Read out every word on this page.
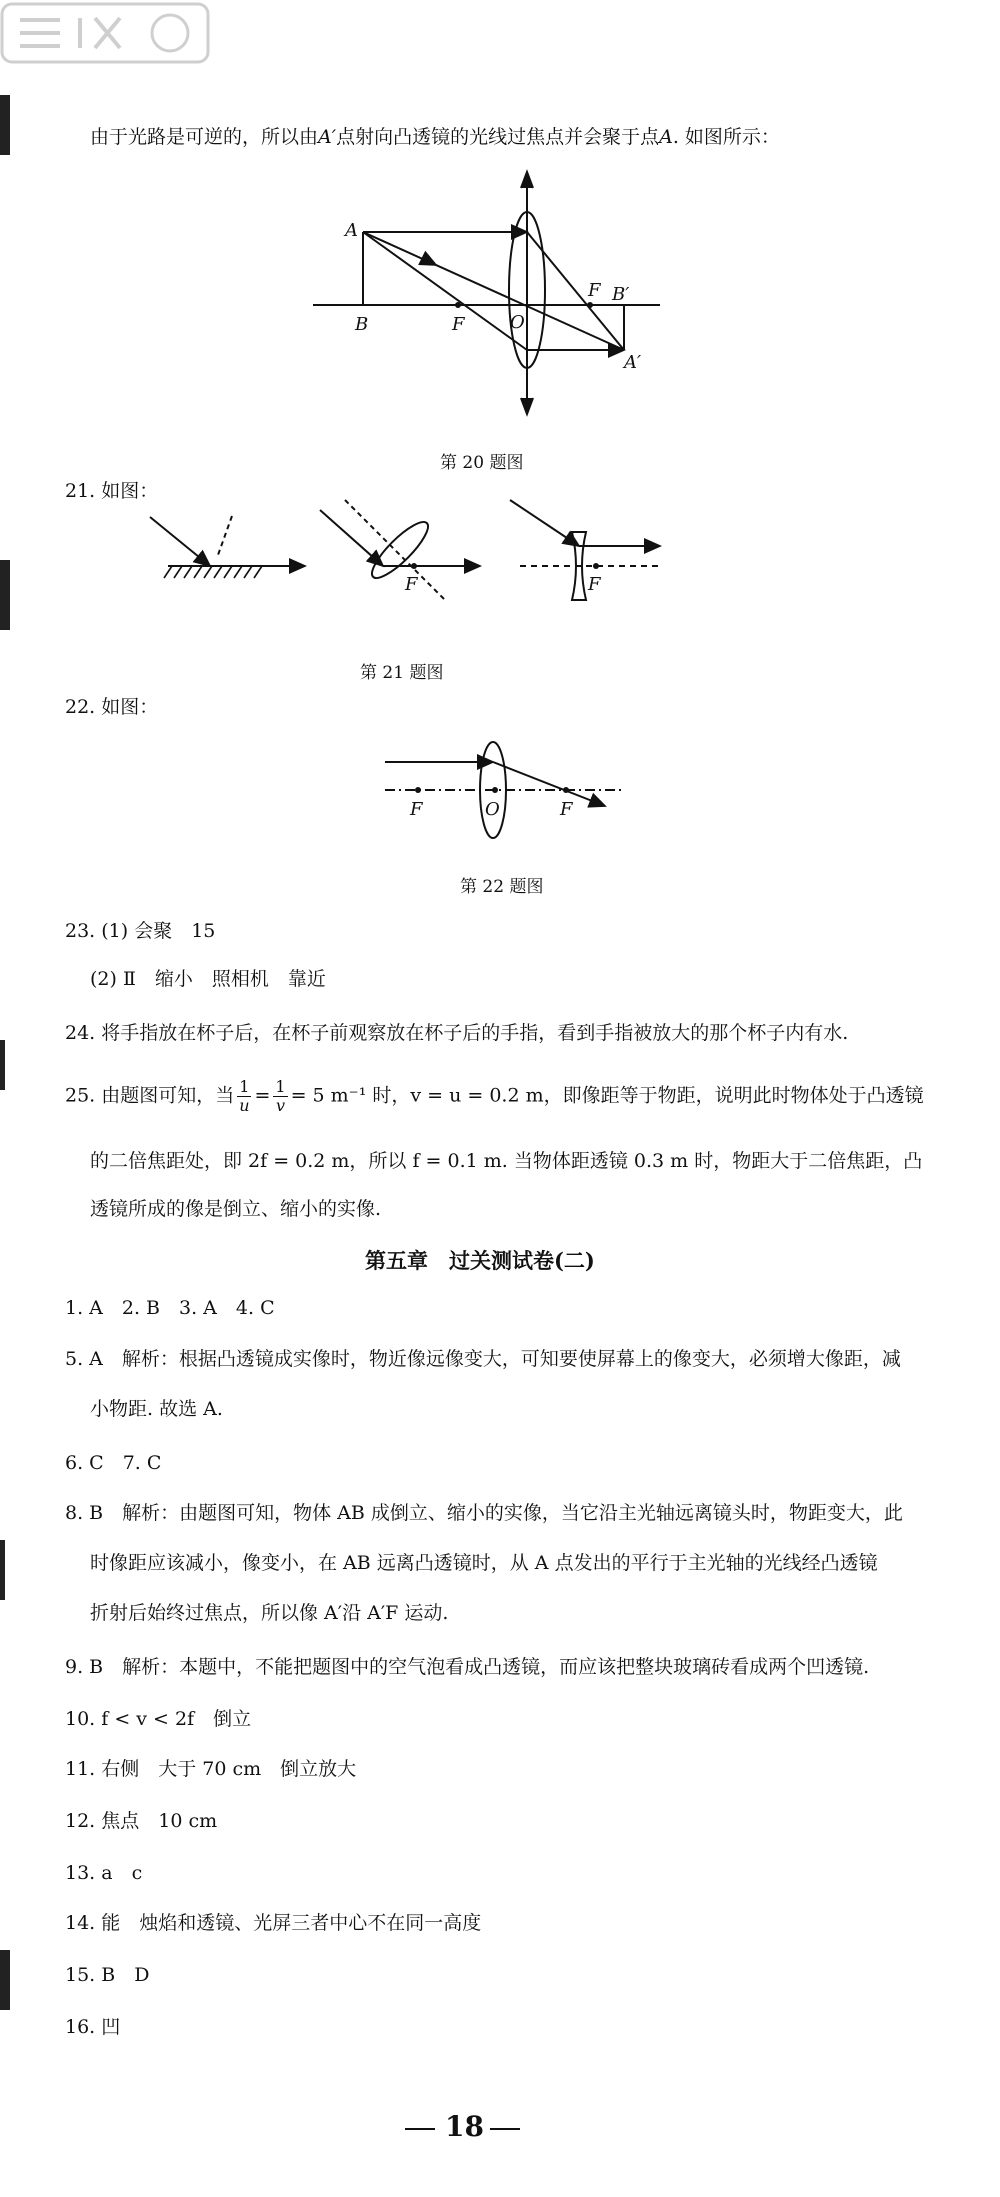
由于光路是可逆的，所以由A′点射向凸透镜的光线过焦点并会聚于点A. 如图所示：
A
B	F	O
F B′
A′
F	F
F	O	F
第 20 题图
21. 如图：
第 21 题图
22. 如图：
第 22 题图
23. (1) 会聚　15
(2) Ⅱ　缩小　照相机　靠近
24. 将手指放在杯子后，在杯子前观察放在杯子后的手指，看到手指被放大的那个杯子内有水.
25. 由题图可知，当 $\frac{1}{u} = \frac{1}{v} = 5$ m⁻¹ 时，v = u = 0.2 m，即像距等于物距，说明此时物体处于凸透镜
的二倍焦距处，即 2f = 0.2 m，所以 f = 0.1 m. 当物体距透镜 0.3 m 时，物距大于二倍焦距，凸
透镜所成的像是倒立、缩小的实像.
第五章　过关测试卷(二)
1. A　2. B　3. A　4. C
5. A　解析：根据凸透镜成实像时，物近像远像变大，可知要使屏幕上的像变大，必须增大像距，减
小物距. 故选 A.
6. C　7. C
8. B　解析：由题图可知，物体 AB 成倒立、缩小的实像，当它沿主光轴远离镜头时，物距变大，此
时像距应该减小，像变小，在 AB 远离凸透镜时，从 A 点发出的平行于主光轴的光线经凸透镜
折射后始终过焦点，所以像 A′沿 A′F 运动.
9. B　解析：本题中，不能把题图中的空气泡看成凸透镜，而应该把整块玻璃砖看成两个凹透镜.
10. f < v < 2f　倒立
11. 右侧　大于 70 cm　倒立放大
12. 焦点　10 cm
13. a　c
14. 能　烛焰和透镜、光屏三者中心不在同一高度
15. B　D
16. 凹
18
